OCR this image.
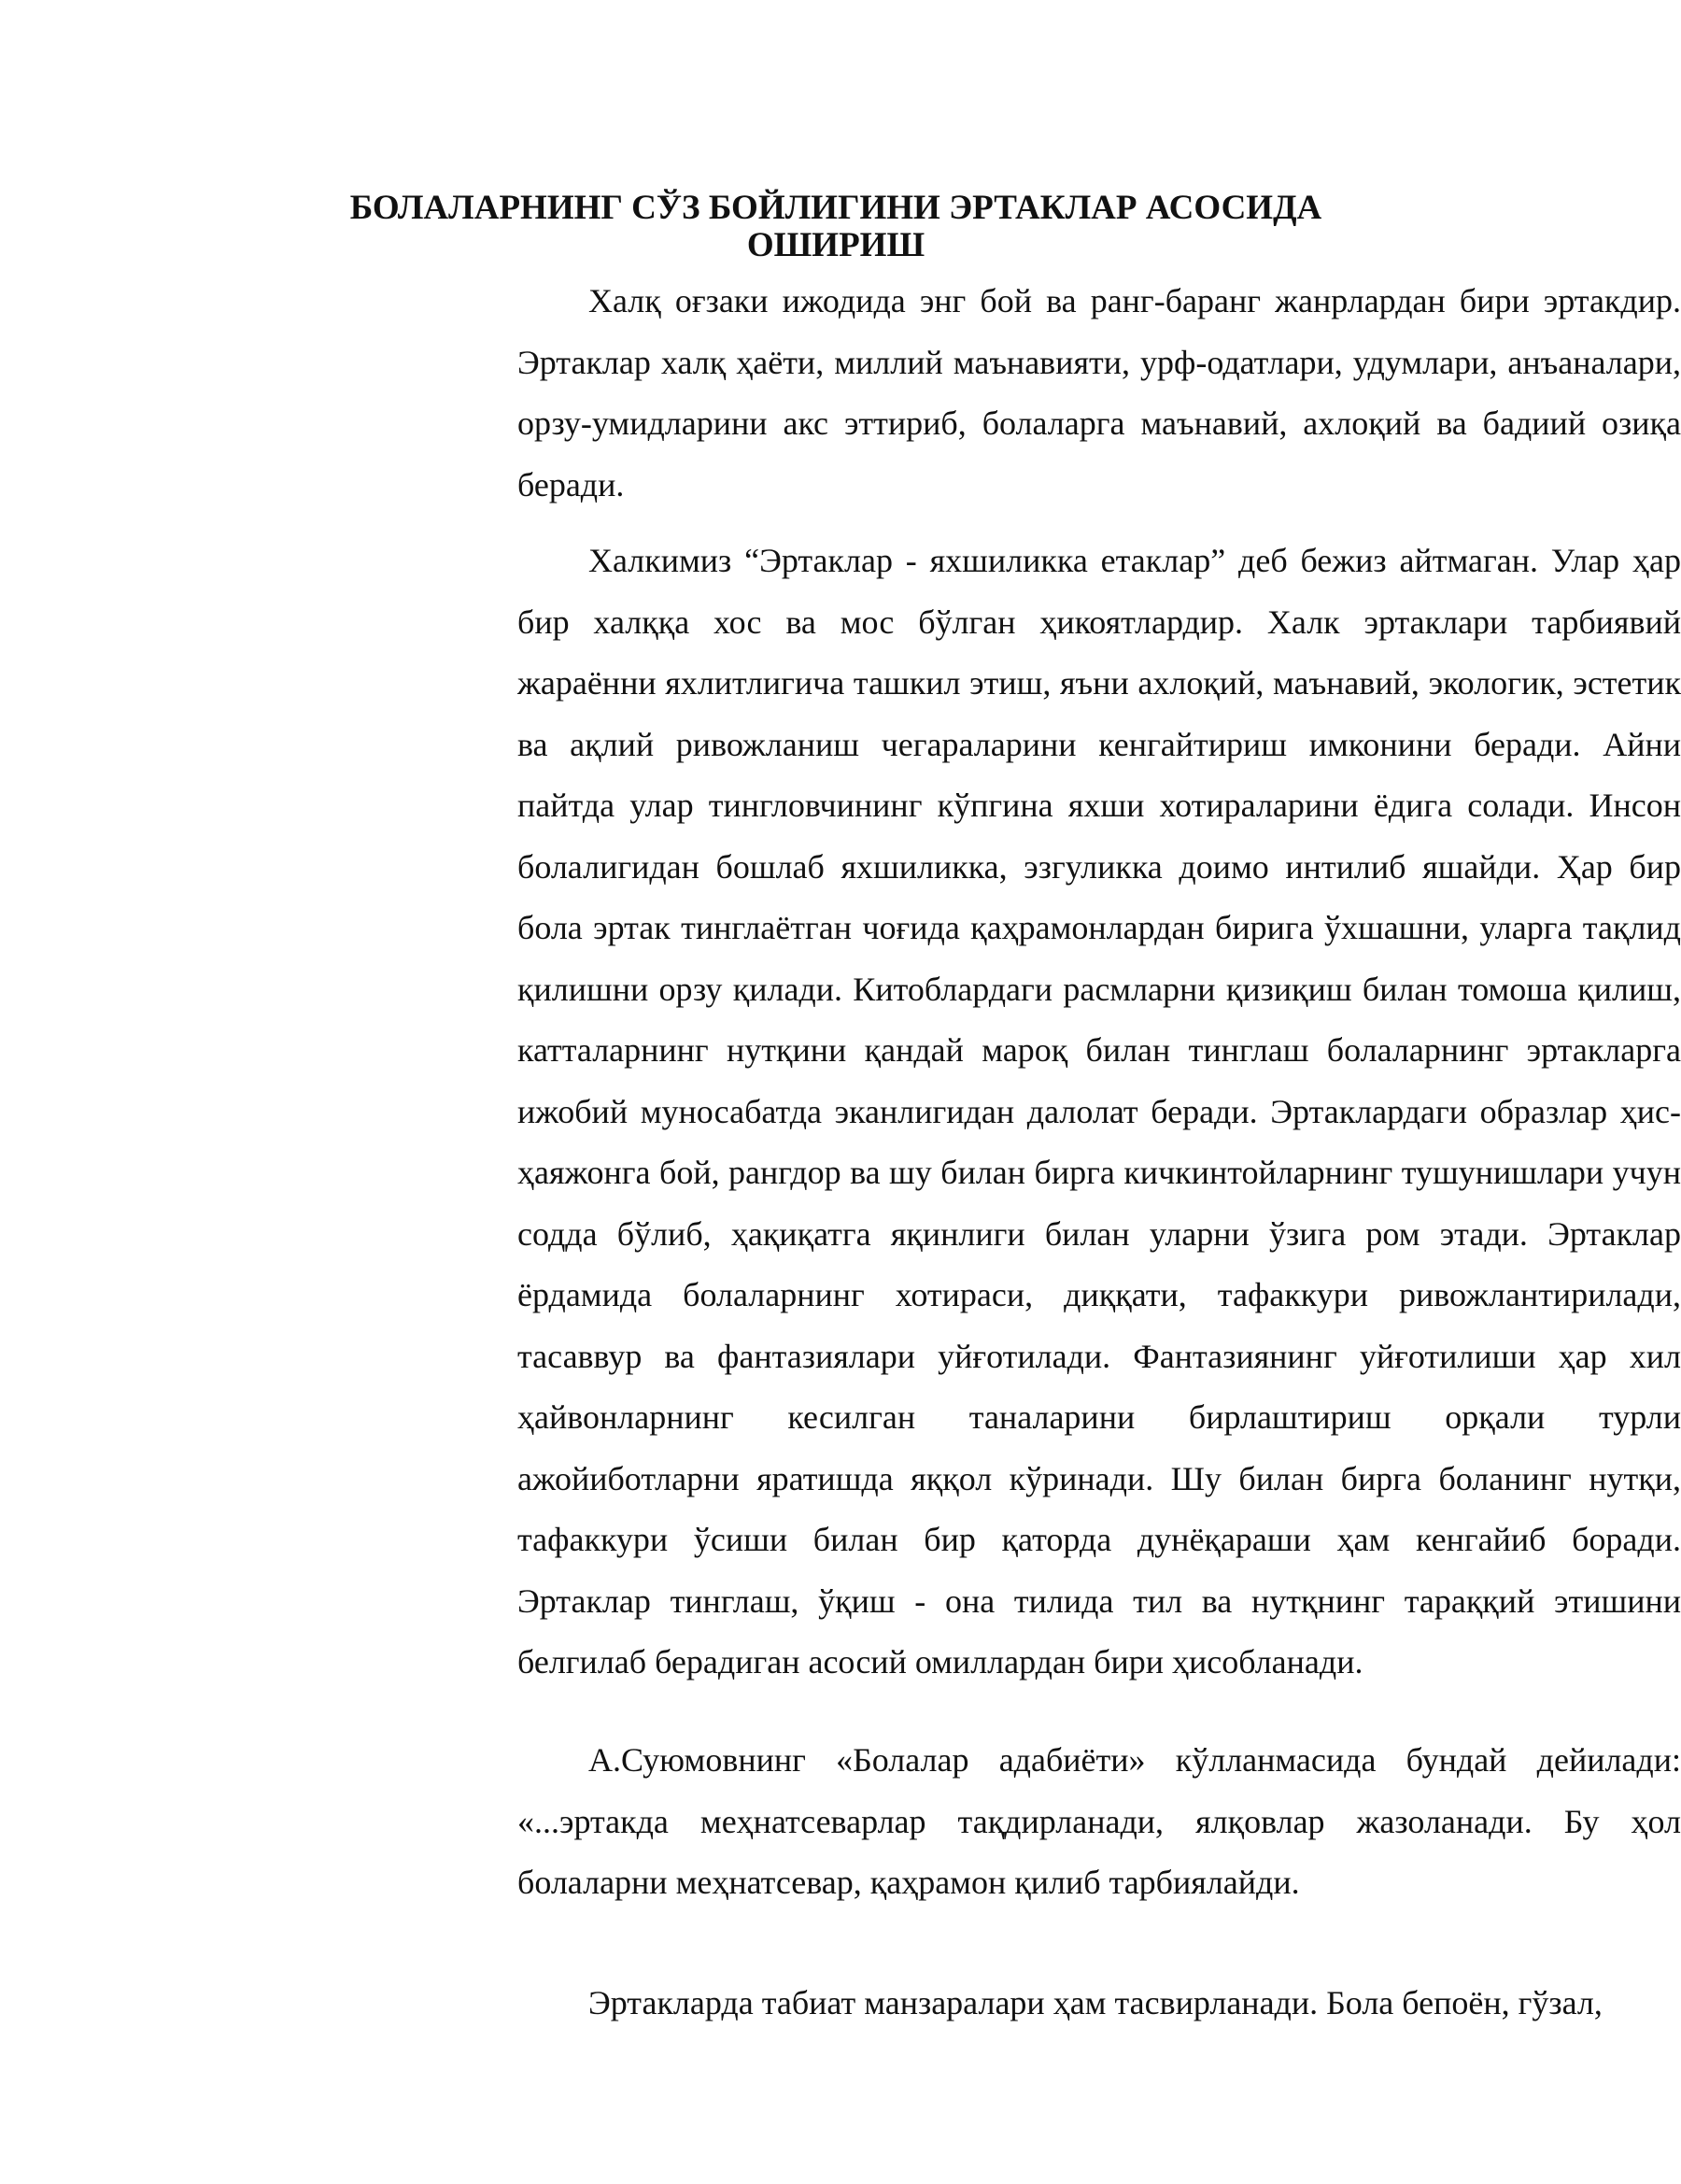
БОЛАЛАРНИНГ СЎЗ БОЙЛИГИНИ ЭРТАКЛАР АСОСИДА
ОШИРИШ

Халқ оғзаки ижодида энг бой ва ранг-баранг жанрлардан бири эртакдир. Эртаклар халқ ҳаёти, миллий маънавияти, урф-одатлари, удумлари, анъаналари, орзу-умидларини акс эттириб, болаларга маънавий, ахлоқий ва бадиий озиқа беради.

Халкимиз “Эртаклар - яхшиликка етаклар” деб бежиз айтмаган. Улар ҳар бир халққа хос ва мос бўлган ҳикоятлардир. Халк эртаклари тарбиявий жараённи яхлитлигича ташкил этиш, яъни ахлоқий, маънавий, экологик, эстетик ва ақлий ривожланиш чегараларини кенгайтириш имконини беради. Айни пайтда улар тингловчининг кўпгина яхши хотираларини ёдига солади. Инсон болалигидан бошлаб яхшиликка, эзгуликка доимо интилиб яшайди. Ҳар бир бола эртак тинглаётган чоғида қаҳрамонлардан бирига ўхшашни, уларга тақлид қилишни орзу қилади. Китоблардаги расмларни қизиқиш билан томоша қилиш, катталарнинг нутқини қандай мароқ билан тинглаш болаларнинг эртакларга ижобий муносабатда эканлигидан далолат беради. Эртаклардаги образлар ҳис-ҳаяжонга бой, рангдор ва шу билан бирга кичкинтойларнинг тушунишлари учун содда бўлиб, ҳақиқатга яқинлиги билан уларни ўзига ром этади. Эртаклар ёрдамида болаларнинг хотираси, диққати, тафаккури ривожлантирилади, тасаввур ва фантазиялари уйғотилади. Фантазиянинг уйғотилиши ҳар хил ҳайвонларнинг кесилган таналарини бирлаштириш орқали турли ажойиботларни яратишда яққол кўринади. Шу билан бирга боланинг нутқи, тафаккури ўсиши билан бир қаторда дунёқараши ҳам кенгайиб боради. Эртаклар тинглаш, ўқиш - она тилида тил ва нутқнинг тараққий этишини белгилаб берадиган асосий омиллардан бири ҳисобланади.

А.Суюмовнинг «Болалар адабиёти» кўлланмасида бундай дейилади: «...эртакда меҳнатсеварлар тақдирланади, ялқовлар жазоланади. Бу ҳол болаларни меҳнатсевар, қаҳрамон қилиб тарбиялайди.

Эртакларда табиат манзаралари ҳам тасвирланади. Бола бепоён, гўзал,
